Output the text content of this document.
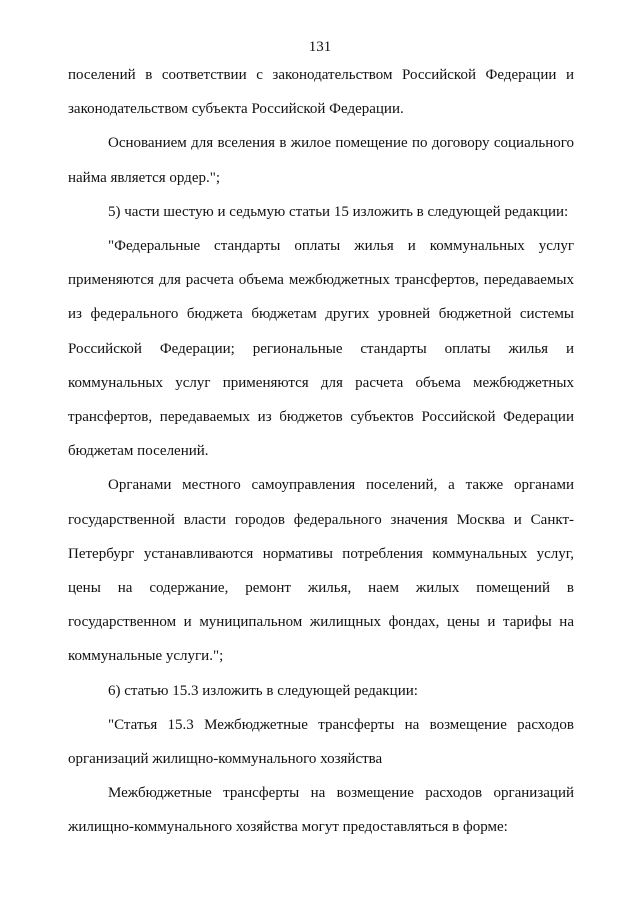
131

поселений в соответствии с законодательством Российской Федерации и законодательством субъекта Российской Федерации.

Основанием для вселения в жилое помещение по договору социального найма является ордер.";

5) части шестую и седьмую статьи 15 изложить в следующей редакции:

"Федеральные стандарты оплаты жилья и коммунальных услуг применяются для расчета объема межбюджетных трансфертов, передаваемых из федерального бюджета бюджетам других уровней бюджетной системы Российской Федерации; региональные стандарты оплаты жилья и коммунальных услуг применяются для расчета объема межбюджетных трансфертов, передаваемых из бюджетов субъектов Российской Федерации бюджетам поселений.

Органами местного самоуправления поселений, а также органами государственной власти городов федерального значения Москва и Санкт-Петербург устанавливаются нормативы потребления коммунальных услуг, цены на содержание, ремонт жилья, наем жилых помещений в государственном и муниципальном жилищных фондах, цены и тарифы на коммунальные услуги.";

6) статью 15.3 изложить в следующей редакции:

"Статья 15.3 Межбюджетные трансферты на возмещение расходов организаций жилищно-коммунального хозяйства

Межбюджетные трансферты на возмещение расходов организаций жилищно-коммунального хозяйства могут предоставляться в форме:
